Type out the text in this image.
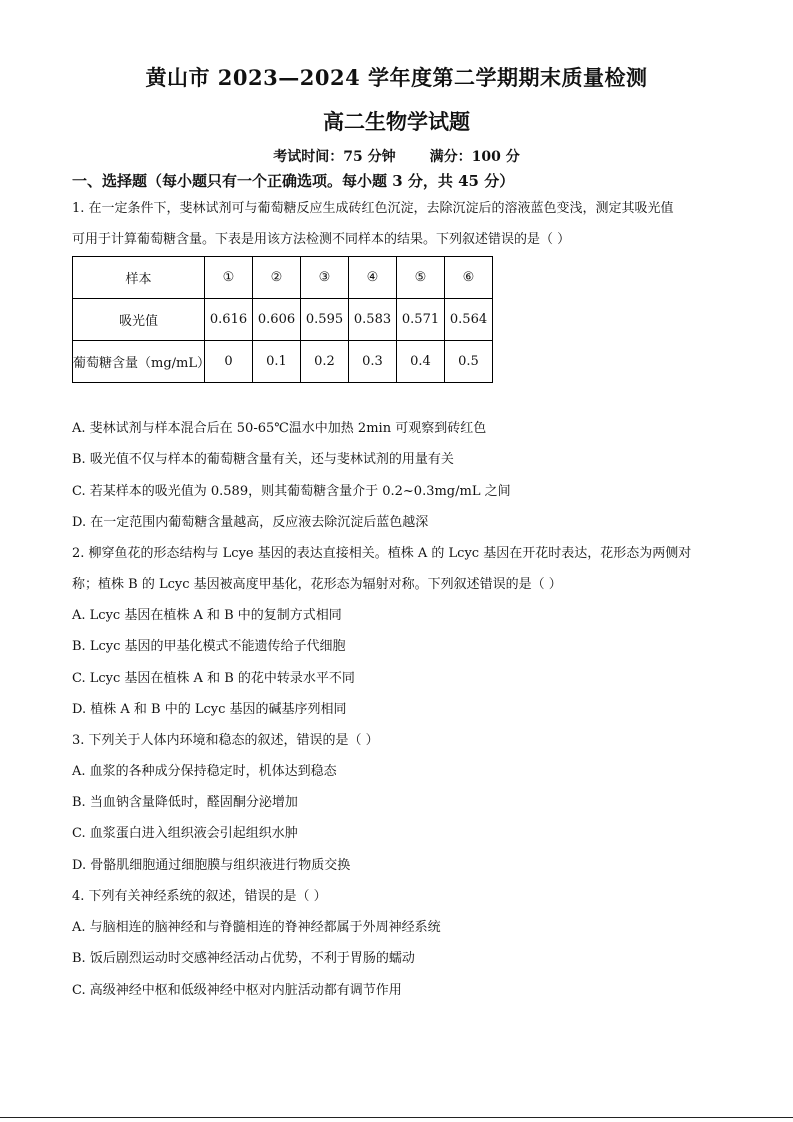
黄山市 2023—2024 学年度第二学期期末质量检测
高二生物学试题
考试时间：75 分钟 满分：100 分
一、选择题（每小题只有一个正确选项。每小题 3 分，共 45 分）
1. 在一定条件下，斐林试剂可与葡萄糖反应生成砖红色沉淀，去除沉淀后的溶液蓝色变浅，测定其吸光值
可用于计算葡萄糖含量。下表是用该方法检测不同样本的结果。下列叙述错误的是（ ）
样本	①	②	③	④	⑤	⑥
吸光值	0.616	0.606	0.595	0.583	0.571	0.564
葡萄糖含量（mg/mL）	0	0.1	0.2	0.3	0.4	0.5
A. 斐林试剂与样本混合后在 50-65℃温水中加热 2min 可观察到砖红色
B. 吸光值不仅与样本的葡萄糖含量有关，还与斐林试剂的用量有关
C. 若某样本的吸光值为 0.589，则其葡萄糖含量介于 0.2~0.3mg/mL 之间
D. 在一定范围内葡萄糖含量越高，反应液去除沉淀后蓝色越深
2. 柳穿鱼花的形态结构与 Lcye 基因的表达直接相关。植株 A 的 Lcyc 基因在开花时表达，花形态为两侧对
称；植株 B 的 Lcyc 基因被高度甲基化，花形态为辐射对称。下列叙述错误的是（ ）
A. Lcyc 基因在植株 A 和 B 中的复制方式相同
B. Lcyc 基因的甲基化模式不能遗传给子代细胞
C. Lcyc 基因在植株 A 和 B 的花中转录水平不同
D. 植株 A 和 B 中的 Lcyc 基因的碱基序列相同
3. 下列关于人体内环境和稳态的叙述，错误的是（ ）
A. 血浆的各种成分保持稳定时，机体达到稳态
B. 当血钠含量降低时，醛固酮分泌增加
C. 血浆蛋白进入组织液会引起组织水肿
D. 骨骼肌细胞通过细胞膜与组织液进行物质交换
4. 下列有关神经系统的叙述，错误的是（ ）
A. 与脑相连的脑神经和与脊髓相连的脊神经都属于外周神经系统
B. 饭后剧烈运动时交感神经活动占优势，不利于胃肠的蠕动
C. 高级神经中枢和低级神经中枢对内脏活动都有调节作用
